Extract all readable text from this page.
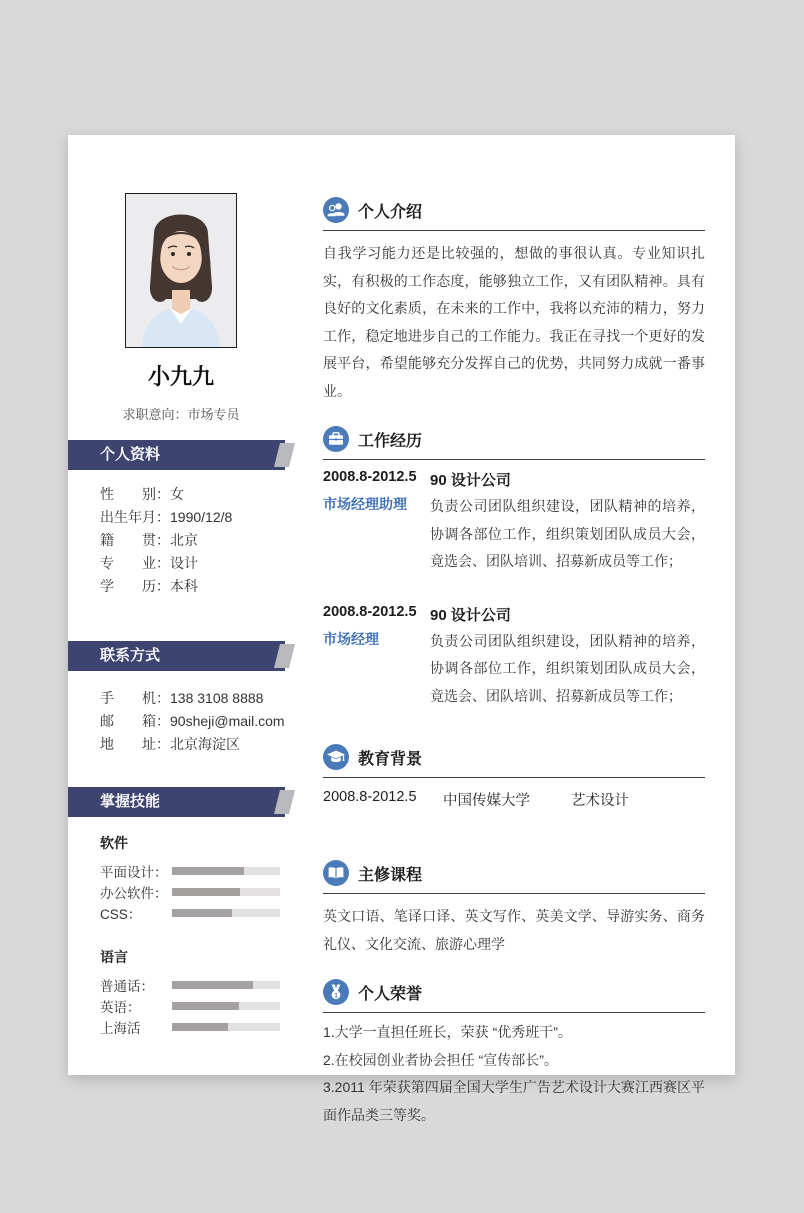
小九九
求职意向：市场专员
个人资料
性别：女
出生年月：1990/12/8
籍贯：北京
专业：设计
学历：本科
联系方式
手机：138 3108 8888
邮箱：90sheji@mail.com
地址：北京海淀区
掌握技能
软件
平面设计：
办公软件：
CSS：
语言
普通话：
英语：
上海活
个人介绍
自我学习能力还是比较强的，想做的事很认真。专业知识扎实，有积极的工作态度，能够独立工作，又有团队精神。具有良好的文化素质，在未来的工作中，我将以充沛的精力，努力工作，稳定地进步自己的工作能力。我正在寻找一个更好的发展平台，希望能够充分发挥自己的优势，共同努力成就一番事业。
工作经历
2008.8-2012.5
市场经理助理
90 设计公司
负责公司团队组织建设，团队精神的培养，协调各部位工作，组织策划团队成员大会，竟选会、团队培训、招募新成员等工作；
2008.8-2012.5
市场经理
90 设计公司
负责公司团队组织建设，团队精神的培养，协调各部位工作，组织策划团队成员大会，竟选会、团队培训、招募新成员等工作；
教育背景
2008.8-2012.5	中国传媒大学	艺术设计
主修课程
英文口语、笔译口译、英文写作、英美文学、导游实务、商务礼仪、文化交流、旅游心理学
1 个人荣誉
1.大学一直担任班长，荣获 “优秀班干”。
2.在校园创业者协会担任 “宣传部长”。
3.2011 年荣获第四届全国大学生广告艺术设计大赛江西赛区平面作品类三等奖。
